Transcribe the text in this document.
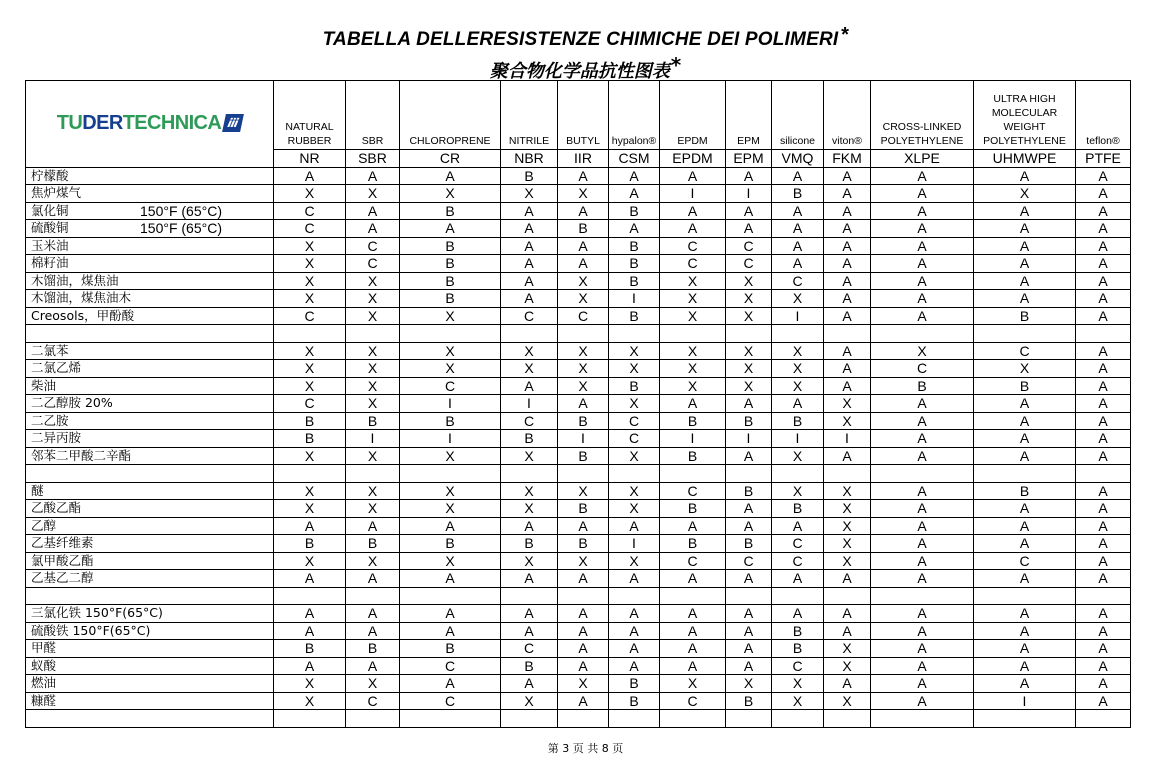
TABELLA DELLERESISTENZE CHIMICHE DEI POLIMERI *
聚合物化学品抗性图表*
TU DER TECHNICA ⅲ	NATURAL RUBBER	SBR	CHLOROPRENE	NITRILE	BUTYL	hypalon®	EPDM	EPM	silicone	viton®	CROSS-LINKED POLYETHYLENE	ULTRA HIGH MOLECULAR WEIGHT POLYETHYLENE	teflon®
	NR	SBR	CR	NBR	IIR	CSM	EPDM	EPM	VMQ	FKM	XLPE	UHMWPE	PTFE
柠檬酸	A	A	A	B	A	A	A	A	A	A	A	A	A
焦炉煤气	X	X	X	X	X	A	I	I	B	A	A	X	A
氯化铜 150°F (65°C)	C	A	B	A	A	B	A	A	A	A	A	A	A
硫酸铜 150°F (65°C)	C	A	A	A	B	A	A	A	A	A	A	A	A
玉米油	X	C	B	A	A	B	C	C	A	A	A	A	A
棉籽油	X	C	B	A	A	B	C	C	A	A	A	A	A
木馏油，煤焦油	X	X	B	A	X	B	X	X	C	A	A	A	A
木馏油，煤焦油木	X	X	B	A	X	I	X	X	X	A	A	A	A
Creosols，甲酚酸	C	X	X	C	C	B	X	X	I	A	A	B	A

二氯苯	X	X	X	X	X	X	X	X	X	A	X	C	A
二氯乙烯	X	X	X	X	X	X	X	X	X	A	C	X	A
柴油	X	X	C	A	X	B	X	X	X	A	B	B	A
二乙醇胺 20%	C	X	I	I	A	X	A	A	A	X	A	A	A
二乙胺	B	B	B	C	B	C	B	B	B	X	A	A	A
二异丙胺	B	I	I	B	I	C	I	I	I	I	A	A	A
邻苯二甲酸二辛酯	X	X	X	X	B	X	B	A	X	A	A	A	A

醚	X	X	X	X	X	X	C	B	X	X	A	B	A
乙酸乙酯	X	X	X	X	B	X	B	A	B	X	A	A	A
乙醇	A	A	A	A	A	A	A	A	A	X	A	A	A
乙基纤维素	B	B	B	B	B	I	B	B	C	X	A	A	A
氯甲酸乙酯	X	X	X	X	X	X	C	C	C	X	A	C	A
乙基乙二醇	A	A	A	A	A	A	A	A	A	A	A	A	A

三氯化铁 150°F(65°C)	A	A	A	A	A	A	A	A	A	A	A	A	A
硫酸铁 150°F(65°C)	A	A	A	A	A	A	A	A	B	A	A	A	A
甲醛	B	B	B	C	A	A	A	A	B	X	A	A	A
蚁酸	A	A	C	B	A	A	A	A	C	X	A	A	A
燃油	X	X	A	A	X	B	X	X	X	A	A	A	A
糠醛	X	C	C	X	A	B	C	B	X	X	A	I	A

第 3 页 共 8 页
